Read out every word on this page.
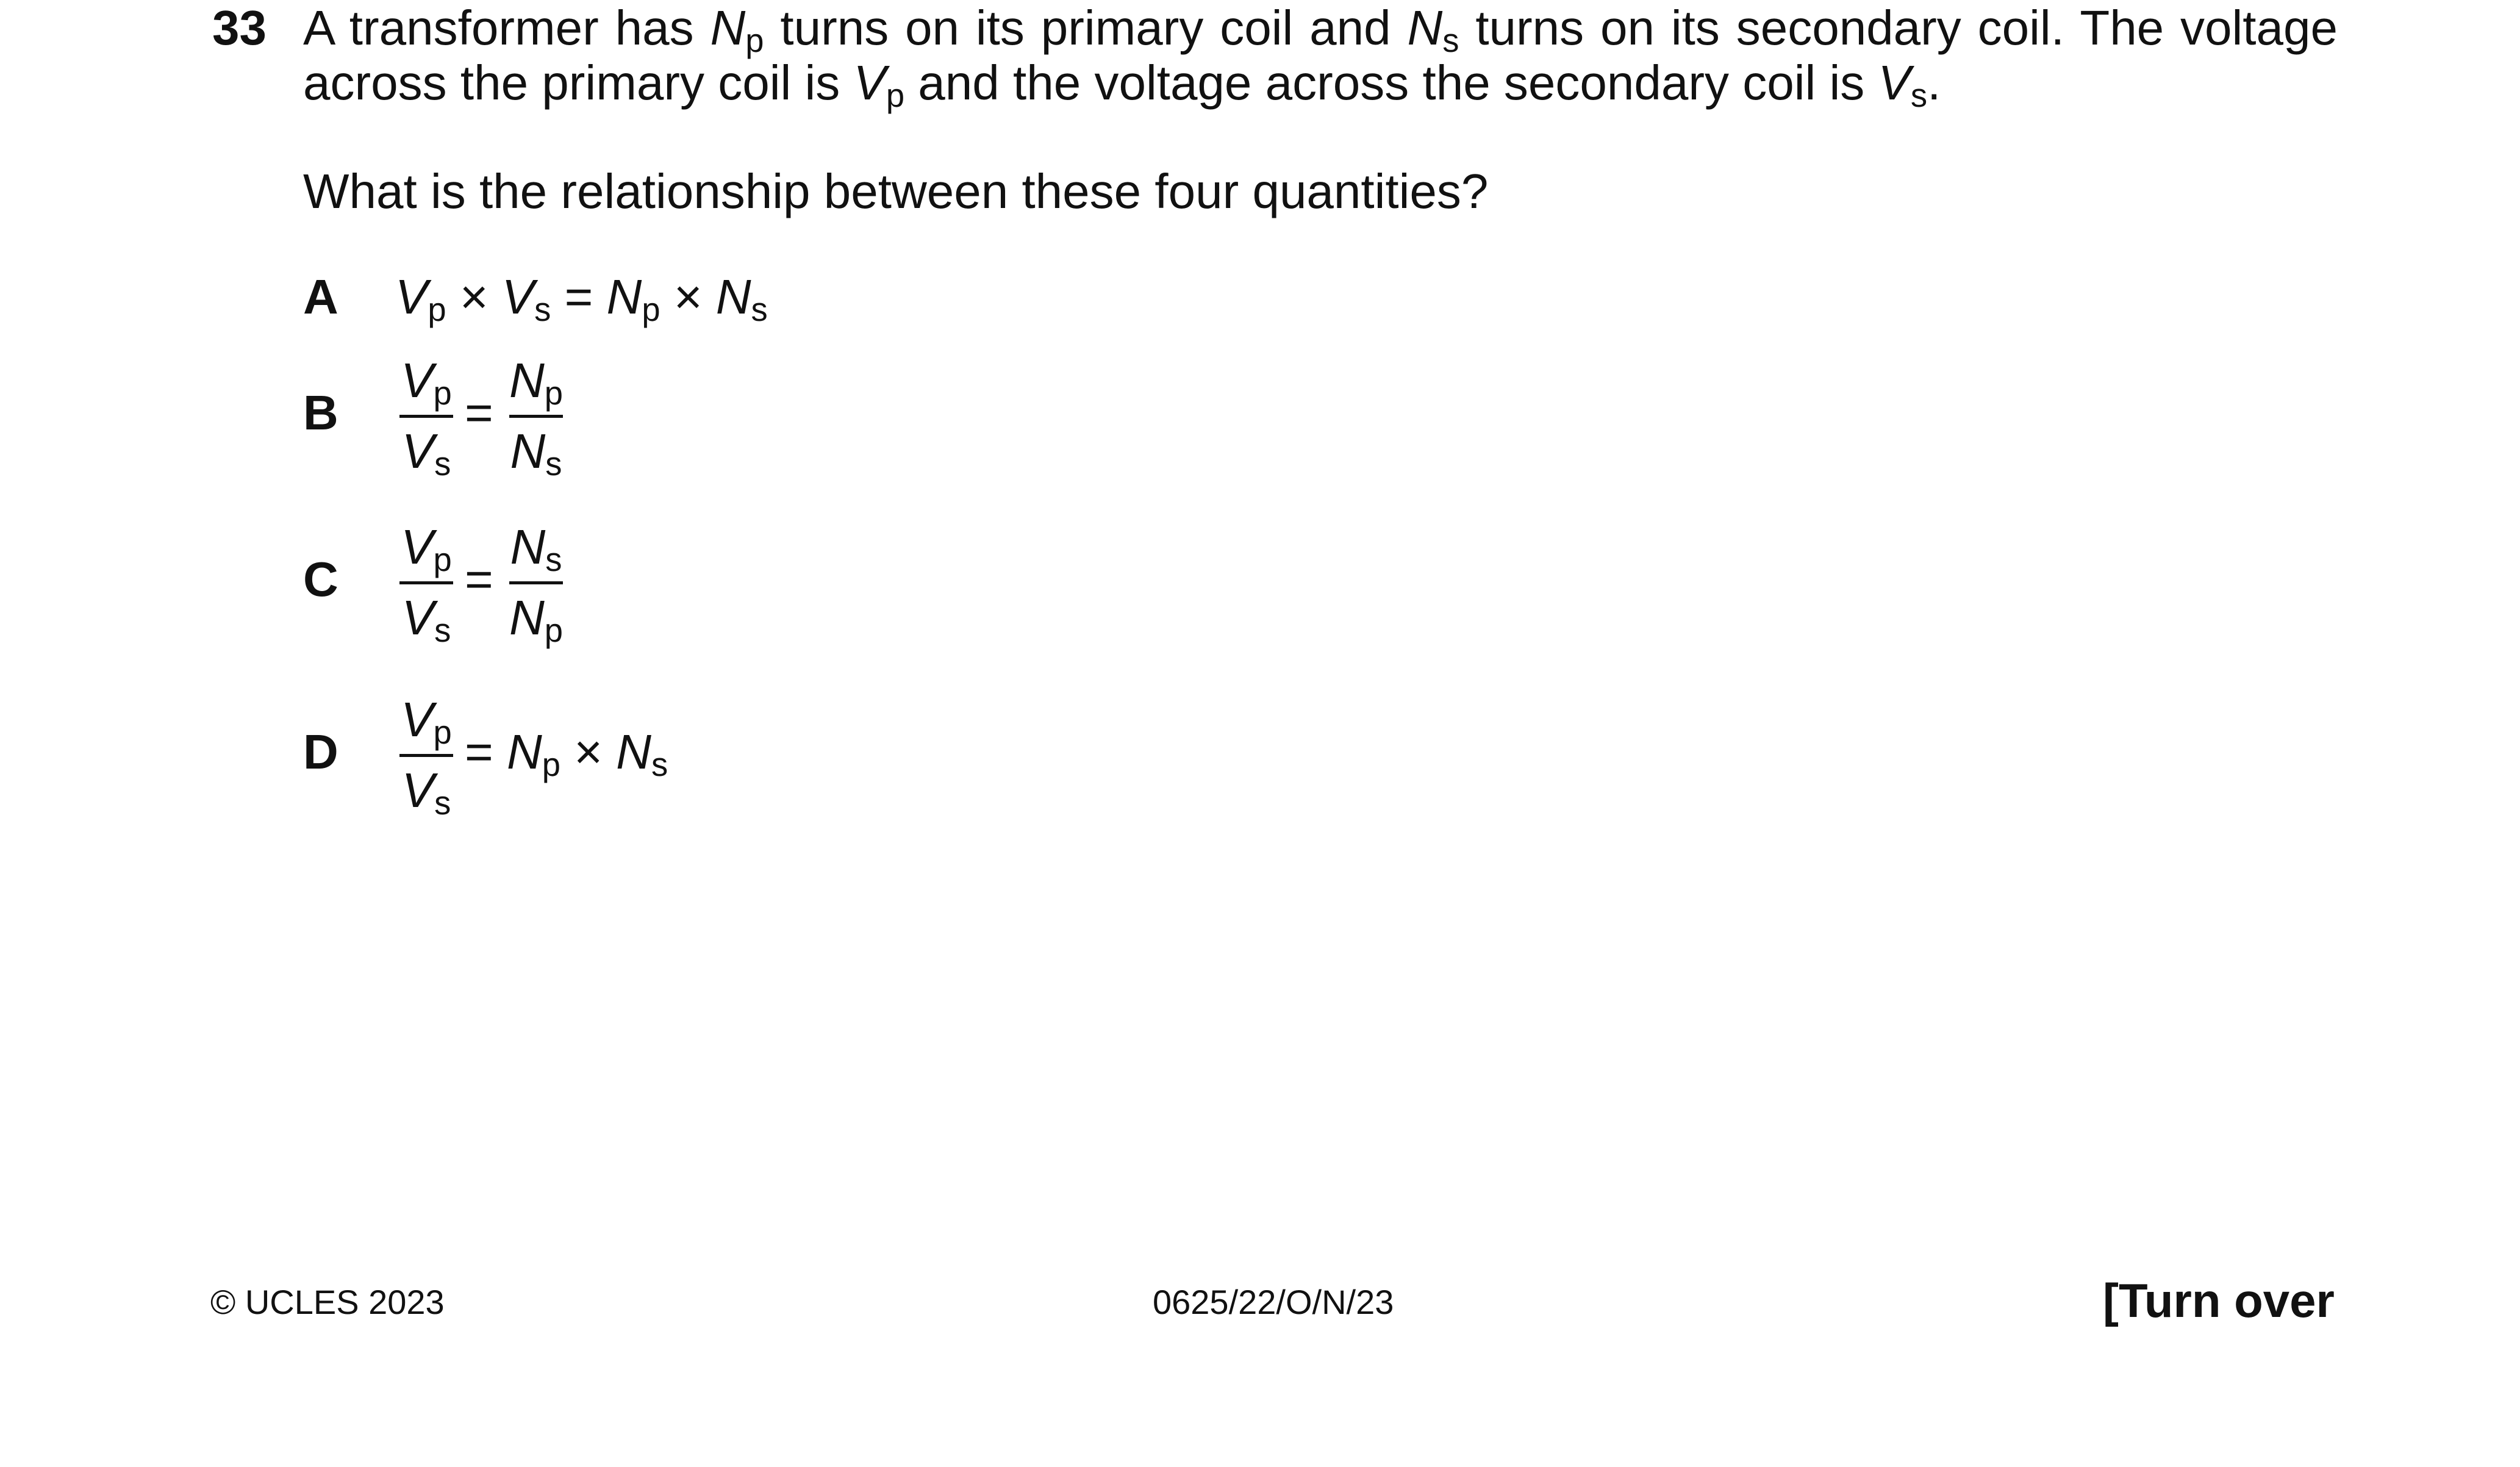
33 A transformer has $N_p$ turns on its primary coil and $N_s$ turns on its secondary coil. The voltage
across the primary coil is $V_p$ and the voltage across the secondary coil is $V_s$.
What is the relationship between these four quantities?
A $V_p \times V_s = N_p \times N_s$
B
$V_p$
$V_s$
=
$N_p$
$N_s$
C
$V_p$
$V_s$
=
$N_s$
$N_p$
D
$V_p$
$V_s$
= $N_p \times N_s$
© UCLES 2023	0625/22/O/N/23	[Turn over
